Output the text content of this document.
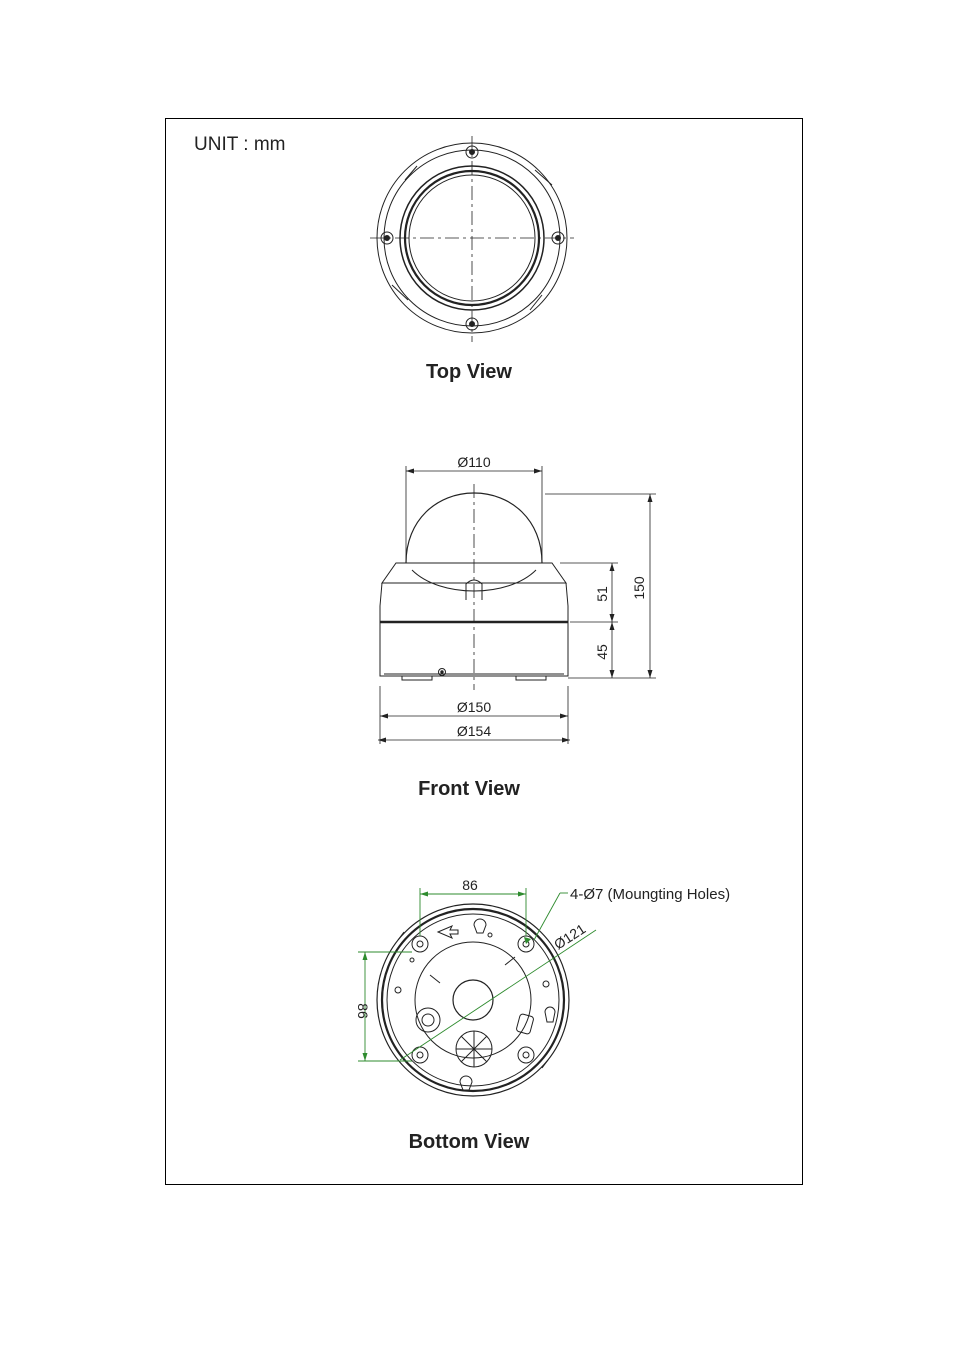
UNIT : mm
Top View
Front View
Bottom View
Ø110
Ø150
Ø154
150
51
45
86
86
Ø121
4-Ø7 (Moungting Holes)
